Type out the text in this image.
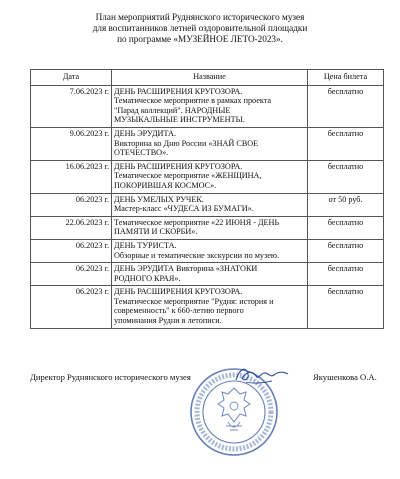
План мероприятий Руднянского исторического музея
для воспитанников летней оздоровительной площадки
по программе «МУЗЕЙНОЕ ЛЕТО-2023».
Дата	Название	Цена билета
7.06.2023 г.	ДЕНЬ РАСШИРЕНИЯ КРУГОЗОРА.
Тематическое мероприятие в рамках проекта
"Парад коллекций". НАРОДНЫЕ
МУЗЫКАЛЬНЫЕ ИНСТРУМЕНТЫ.	бесплатно
9.06.2023 г.	ДЕНЬ ЭРУДИТА.
Викторина ко Дню России «ЗНАЙ СВОЕ
ОТЕЧЕСТВО».	бесплатно
16.06.2023 г.	ДЕНЬ РАСШИРЕНИЯ КРУГОЗОРА.
Тематическое мероприятие «ЖЕНЩИНА,
ПОКОРИВШАЯ КОСМОС».	бесплатно
06.2023 г.	ДЕНЬ УМЕЛЫХ РУЧЕК.
Мастер-класс «ЧУДЕСА ИЗ БУМАГИ».	от 50 руб.
22.06.2023 г.	Тематическое мероприятие «22 ИЮНЯ - ДЕНЬ
ПАМЯТИ И СКОРБИ».	бесплатно
06.2023 г.	ДЕНЬ ТУРИСТА.
Обзорные и тематические экскурсии по музею.	бесплатно
06.2023 г.	ДЕНЬ ЭРУДИТА Викторина «ЗНАТОКИ
РОДНОГО КРАЯ».	бесплатно
06.2023 г.	ДЕНЬ РАСШИРЕНИЯ КРУГОЗОРА.
Тематическое мероприятие "Рудня: история и
современность" к 660-летию первого
упоминания Рудни в летописи.	бесплатно
Директор Руднянского исторического музея	Якушенкова О.А.
